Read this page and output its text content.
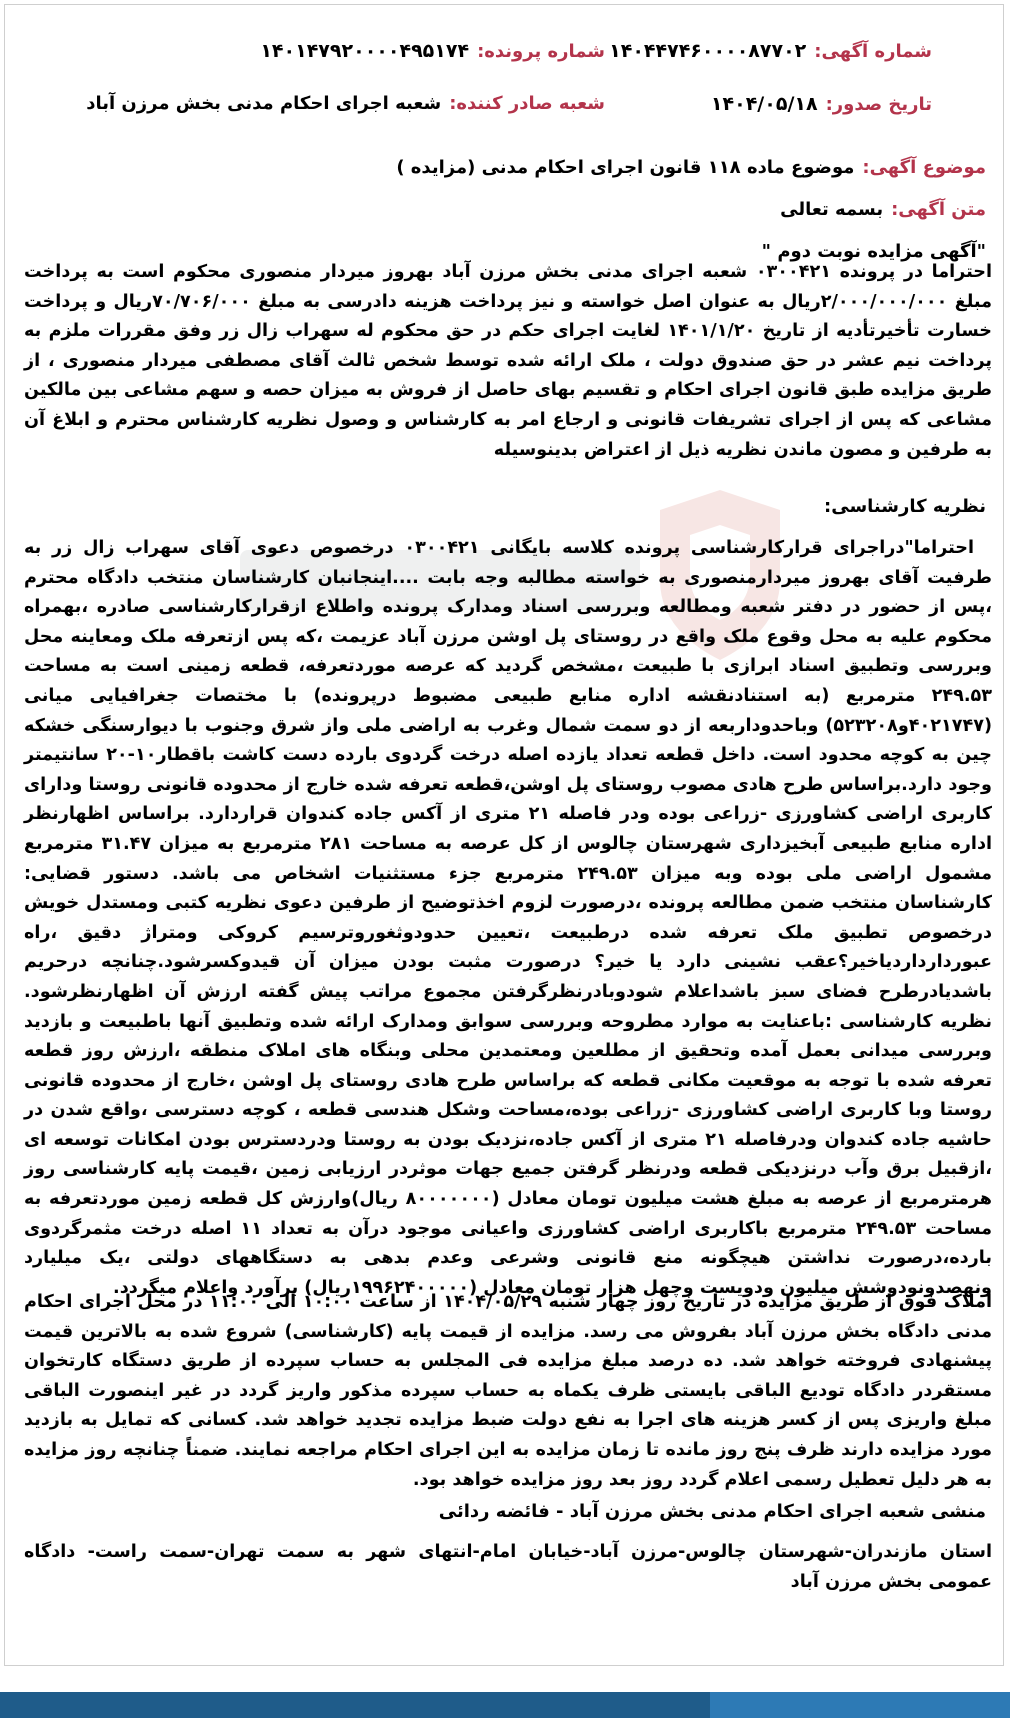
شماره آگهی:
۱۴۰۴۴۷۴۶۰۰۰۰۸۷۷۰۲
شماره پرونده:
۱۴۰۱۴۷۹۲۰۰۰۰۴۹۵۱۷۴
تاریخ صدور:
۱۴۰۴/۰۵/۱۸
شعبه صادر کننده:
شعبه اجرای احکام مدنی بخش مرزن آباد
موضوع آگهی:
موضوع ماده ۱۱۸ قانون اجرای احکام مدنی (مزایده )
متن آگهی:
بسمه تعالی
"آگهی مزایده نوبت دوم "

احتراما در پرونده ۰۳۰۰۴۲۱ شعبه اجرای مدنی بخش مرزن آباد بهروز میردار منصوری محکوم است به پرداخت مبلغ ۲/۰۰۰/۰۰۰/۰۰۰ریال به عنوان اصل خواسته و نیز پرداخت هزینه دادرسی به مبلغ ۷۰/۷۰۶/۰۰۰ریال و پرداخت خسارت تأخیرتأدیه از تاریخ ۱۴۰۱/۱/۲۰ لغایت اجرای حکم در حق محکوم له سهراب زال زر وفق مقررات ملزم به پرداخت نیم عشر در حق صندوق دولت ، ملک ارائه شده توسط شخص ثالث آقای مصطفی میردار منصوری ، از طریق مزایده طبق قانون اجرای احکام و تقسیم بهای حاصل از فروش به میزان حصه و سهم مشاعی بین مالکین مشاعی که پس از اجرای تشریفات قانونی و ارجاع امر به کارشناس و وصول نظریه کارشناس محترم و ابلاغ آن به طرفین و مصون ماندن نظریه ذیل از اعتراض بدینوسیله

نظریه کارشناسی:

احتراما"دراجرای قرارکارشناسی پرونده کلاسه بایگانی ۰۳۰۰۴۲۱ درخصوص دعوی آقای سهراب زال زر به طرفیت آقای بهروز میردارمنصوری به خواسته مطالبه وجه بابت ....اینجانبان کارشناسان منتخب دادگاه محترم ،پس از حضور در دفتر شعبه ومطالعه وبررسی اسناد ومدارک پرونده واطلاع ازقرارکارشناسی صادره ،بهمراه محکوم علیه به محل وقوع ملک واقع در روستای پل اوشن مرزن آباد عزیمت ،که پس ازتعرفه ملک ومعاینه محل وبررسی وتطبیق اسناد ابرازی با طبیعت ،مشخص گردید که عرصه موردتعرفه، قطعه زمینی است به مساحت ۲۴۹.۵۳ مترمربع (به استنادنقشه اداره منابع طبیعی مضبوط درپرونده) با مختصات جغرافیایی میانی (۴۰۲۱۷۴۷و۵۲۳۲۰۸) وباحدوداربعه از دو سمت شمال وغرب به اراضی ملی واز شرق وجنوب با دیوارسنگی خشکه چین به کوچه محدود است. داخل قطعه تعداد یازده اصله درخت گردوی بارده دست کاشت باقطار۱۰-۲۰ سانتیمتر وجود دارد.براساس طرح هادی مصوب روستای پل اوشن،قطعه تعرفه شده خارج از محدوده قانونی روستا ودارای کاربری اراضی کشاورزی -زراعی بوده ودر فاصله ۲۱ متری از آکس جاده کندوان قراردارد. براساس اظهارنظر اداره منابع طبیعی آبخیزداری شهرستان چالوس از کل عرصه به مساحت ۲۸۱ مترمربع به میزان ۳۱.۴۷ مترمربع مشمول اراضی ملی بوده وبه میزان ۲۴۹.۵۳ مترمربع جزء مستثنیات اشخاص می باشد. دستور قضایی: کارشناسان منتخب ضمن مطالعه پرونده ،درصورت لزوم اخذتوضیح از طرفین دعوی نظریه کتبی ومستدل خویش درخصوص تطبیق ملک تعرفه شده درطبیعت ،تعیین حدودوثغوروترسیم کروکی ومتراژ دقیق ،راه عبوردارداردیاخیر؟عقب نشینی دارد یا خیر؟ درصورت مثبت بودن میزان آن قیدوکسرشود.چنانچه درحریم باشدیادرطرح فضای سبز باشداعلام شودوبادرنظرگرفتن مجموع مراتب پیش گفته ارزش آن اظهارنظرشود. نظریه کارشناسی :باعنایت به موارد مطروحه وبررسی سوابق ومدارک ارائه شده وتطبیق آنها باطبیعت و بازدید وبررسی میدانی بعمل آمده وتحقیق از مطلعین ومعتمدین محلی وبنگاه های املاک منطقه ،ارزش روز قطعه تعرفه شده با توجه به موقعیت مکانی قطعه که براساس طرح هادی روستای پل اوشن ،خارج از محدوده قانونی روستا وبا کاربری اراضی کشاورزی -زراعی بوده،مساحت وشکل هندسی قطعه ، کوچه دسترسی ،واقع شدن در حاشیه جاده کندوان ودرفاصله ۲۱ متری از آکس جاده،نزدیک بودن به روستا ودردسترس بودن امکانات توسعه ای ،ازقبیل برق وآب درنزدیکی قطعه ودرنظر گرفتن جمیع جهات موثردر ارزیابی زمین ،قیمت پایه کارشناسی روز هرمترمربع از عرصه به مبلغ هشت میلیون تومان معادل (۸۰۰۰۰۰۰۰ ریال)وارزش کل قطعه زمین موردتعرفه به مساحت ۲۴۹.۵۳ مترمربع باکاربری اراضی کشاورزی واعیانی موجود درآن به تعداد ۱۱ اصله درخت مثمرگردوی بارده،درصورت نداشتن هیچگونه منع قانونی وشرعی وعدم بدهی به دستگاههای دولتی ،یک میلیارد ونهصدونودوشش میلیون ودویست وچهل هزار تومان معادل (۱۹۹۶۲۴۰۰۰۰۰ریال) برآورد واعلام میگردد.

املاک فوق از طریق مزایده در تاریخ روز چهار شنبه ۱۴۰۴/۰۵/۲۹ از ساعت ۱۰:۰۰ الی ۱۱:۰۰ در محل اجرای احکام مدنی دادگاه بخش مرزن آباد بفروش می رسد. مزایده از قیمت پایه (کارشناسی) شروع شده به بالاترین قیمت پیشنهادی فروخته خواهد شد. ده درصد مبلغ مزایده فی المجلس به حساب سپرده از طریق دستگاه کارتخوان مستقردر دادگاه تودیع الباقی بایستی ظرف یکماه به حساب سپرده مذکور واریز گردد در غیر اینصورت الباقی مبلغ واریزی پس از کسر هزینه های اجرا به نفع دولت ضبط مزایده تجدید خواهد شد. کسانی که تمایل به بازدید مورد مزایده دارند ظرف پنج روز مانده تا زمان مزایده به این اجرای احکام مراجعه نمایند. ضمناً چنانچه روز مزایده به هر دلیل تعطیل رسمی اعلام گردد روز بعد روز مزایده خواهد بود.

منشی شعبه اجرای احکام مدنی بخش مرزن آباد - فائضه ردائی

استان مازندران-شهرستان چالوس-مرزن آباد-خیابان امام-انتهای شهر به سمت تهران-سمت راست- دادگاه عمومی بخش مرزن آباد
